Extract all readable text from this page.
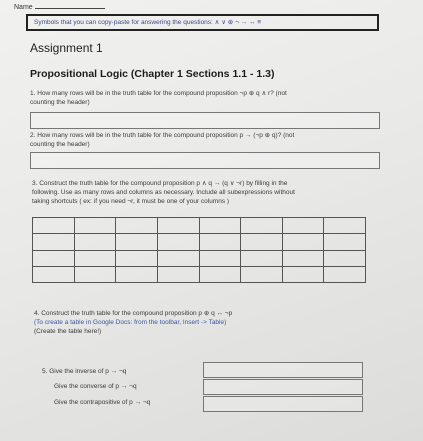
Name
Symbols that you can copy-paste for answering the questions: ∧ ∨ ⊕ ¬ → ↔ ≡
Assignment 1
Propositional Logic (Chapter 1 Sections 1.1 - 1.3)
1. How many rows will be in the truth table for the compound proposition ¬p ⊕ q ∧ r? (not
counting the header)
2. How many rows will be in the truth table for the compound proposition p → (¬p ⊕ q)? (not
counting the header)
3. Construct the truth table for the compound proposition p ∧ q → (q ∨ ¬r) by filling in the
following. Use as many rows and columns as necessary. Include all subexpressions without
taking shortcuts ( ex: if you need ¬r, it must be one of your columns )

4. Construct the truth table for the compound proposition p ⊕ q ↔ ¬p
(To create a table in Google Docs: from the toolbar, Insert -> Table)
(Create the table here!)
5. Give the inverse of p → ¬q
Give the converse of p → ¬q
Give the contrapositive of p → ¬q
